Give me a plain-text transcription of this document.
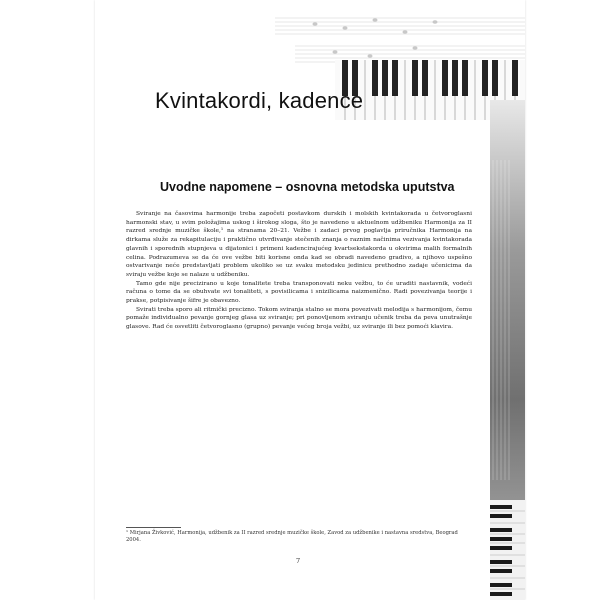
Kvintakordi, kadence
Uvodne napomene – osnovna metodska uputstva

Sviranje na časovima harmonije treba započeti postavkom durskih i molskih kvintakorada u četvoroglasni harmonski stav, u svim položajima uskog i širokog sloga, što je navedeno u aktuelnom udžbeniku Harmonija za II razred srednje muzičke škole,¹ na stranama 20–21. Vežbe i zadaci prvog poglavlja priručnika Harmonija na dirkama služe za rekapitulaciju i praktično utvrđivanje stečenih znanja o raznim načinima vezivanja kvintakorada glavnih i sporednih stupnjeva u dijatonici i primeni kadencirajućeg kvartsekstakorda u okvirima malih formalnih celina. Podrazumeva se da će ove vežbe biti korisne onda kad se obradi navedeno gradivo, a njihovo uspešno ostvarivanje neće predstavljati problem ukoliko se uz svaku metodsku jedinicu prethodno zadaje učenicima da sviraju vežbe koje se nalaze u udžbeniku.

Tamo gde nije precizirano u koje tonalitete treba transponovati neku vežbu, to će uraditi nastavnik, vodeći računa o tome da se obuhvate svi tonaliteti, s povisilicama i snizilicama naizmenično. Radi povezivanja teorije i prakse, potpisivanje šifre je obavezno.

Svirati treba sporo ali ritmički precizno. Tokom sviranja stalno se mora povezivati melodija s harmonijom, čemu pomaže individualno pevanje gornjeg glasa uz sviranje; pri ponovljenom sviranju učenik treba da peva unutrašnje glasove. Rad će osvetliti četvoroglasno (grupno) pevanje većeg broja vežbi, uz sviranje ili bez pomoći klavira.

¹ Mirjana Živković, Harmonija, udžbenik za II razred srednje muzičke škole, Zavod za udžbenike i nastavna sredstva, Beograd 2004.
7
